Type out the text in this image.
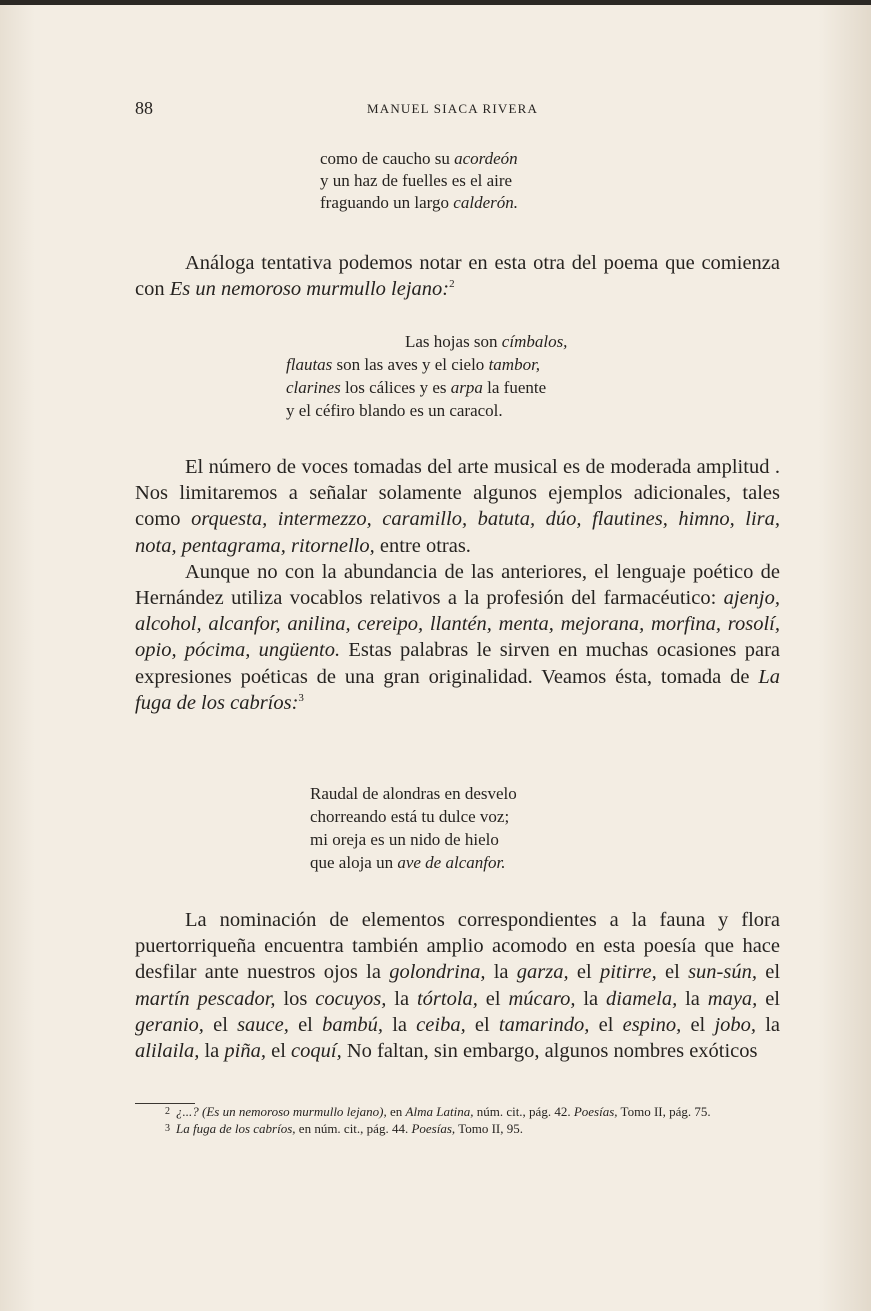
88	MANUEL SIACA RIVERA

como de caucho su acordeón

y un haz de fuelles es el aire

fraguando un largo calderón.

Análoga tentativa podemos notar en esta otra del poema que comienza con Es un nemoroso murmullo lejano:$^2$

Las hojas son címbalos,

flautas son las aves y el cielo tambor,

clarines los cálices y es arpa la fuente

y el céfiro blando es un caracol.

El número de voces tomadas del arte musical es de moderada amplitud . Nos limitaremos a señalar solamente algunos ejemplos adicionales, tales como orquesta, intermezzo, caramillo, batuta, dúo, flautines, himno, lira, nota, pentagrama, ritornello, entre otras.

Aunque no con la abundancia de las anteriores, el lenguaje poético de Hernández utiliza vocablos relativos a la profesión del farmacéutico: ajenjo, alcohol, alcanfor, anilina, cereipo, llantén, menta, mejorana, morfina, rosolí, opio, pócima, ungüento. Estas palabras le sirven en muchas ocasiones para expresiones poéticas de una gran originalidad. Veamos ésta, tomada de La fuga de los cabríos:$^3$

Raudal de alondras en desvelo

chorreando está tu dulce voz;

mi oreja es un nido de hielo

que aloja un ave de alcanfor.

La nominación de elementos correspondientes a la fauna y flora puertorriqueña encuentra también amplio acomodo en esta poesía que hace desfilar ante nuestros ojos la golondrina, la garza, el pitirre, el sun-sún, el martín pescador, los cocuyos, la tórtola, el múcaro, la diamela, la maya, el geranio, el sauce, el bambú, la ceiba, el tamarindo, el espino, el jobo, la alilaila, la piña, el coquí, No faltan, sin embargo, algunos nombres exóticos

2 ¿...? (Es un nemoroso murmullo lejano), en Alma Latina, núm. cit., pág. 42. Poesías, Tomo II, pág. 75.

3 La fuga de los cabríos, en núm. cit., pág. 44. Poesías, Tomo II, 95.
